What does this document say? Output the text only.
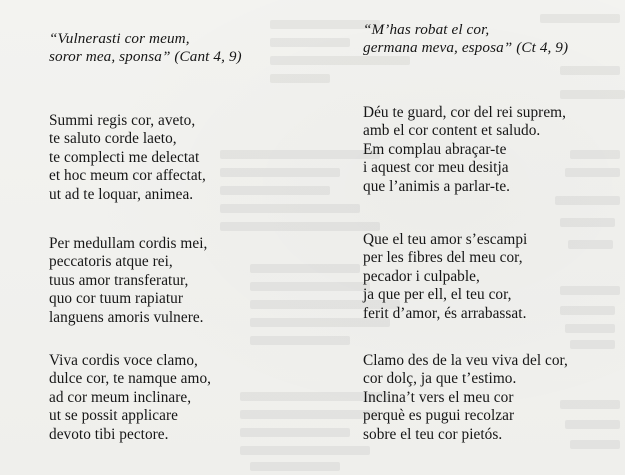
“Vulnerasti cor meum,
soror mea, sponsa” (Cant 4, 9)
Summi regis cor, aveto,
te saluto corde laeto,
te complecti me delectat
et hoc meum cor affectat,
ut ad te loquar, animea.
Per medullam cordis mei,
peccatoris atque rei,
tuus amor transferatur,
quo cor tuum rapiatur
languens amoris vulnere.
Viva cordis voce clamo,
dulce cor, te namque amo,
ad cor meum inclinare,
ut se possit applicare
devoto tibi pectore.
“M’has robat el cor,
germana meva, esposa” (Ct 4, 9)
Déu te guard, cor del rei suprem,
amb el cor content et saludo.
Em complau abraçar-te
i aquest cor meu desitja
que l’animis a parlar-te.
Que el teu amor s’escampi
per les fibres del meu cor,
pecador i culpable,
ja que per ell, el teu cor,
ferit d’amor, és arrabassat.
Clamo des de la veu viva del cor,
cor dolç, ja que t’estimo.
Inclina’t vers el meu cor
perquè es pugui recolzar
sobre el teu cor pietós.
